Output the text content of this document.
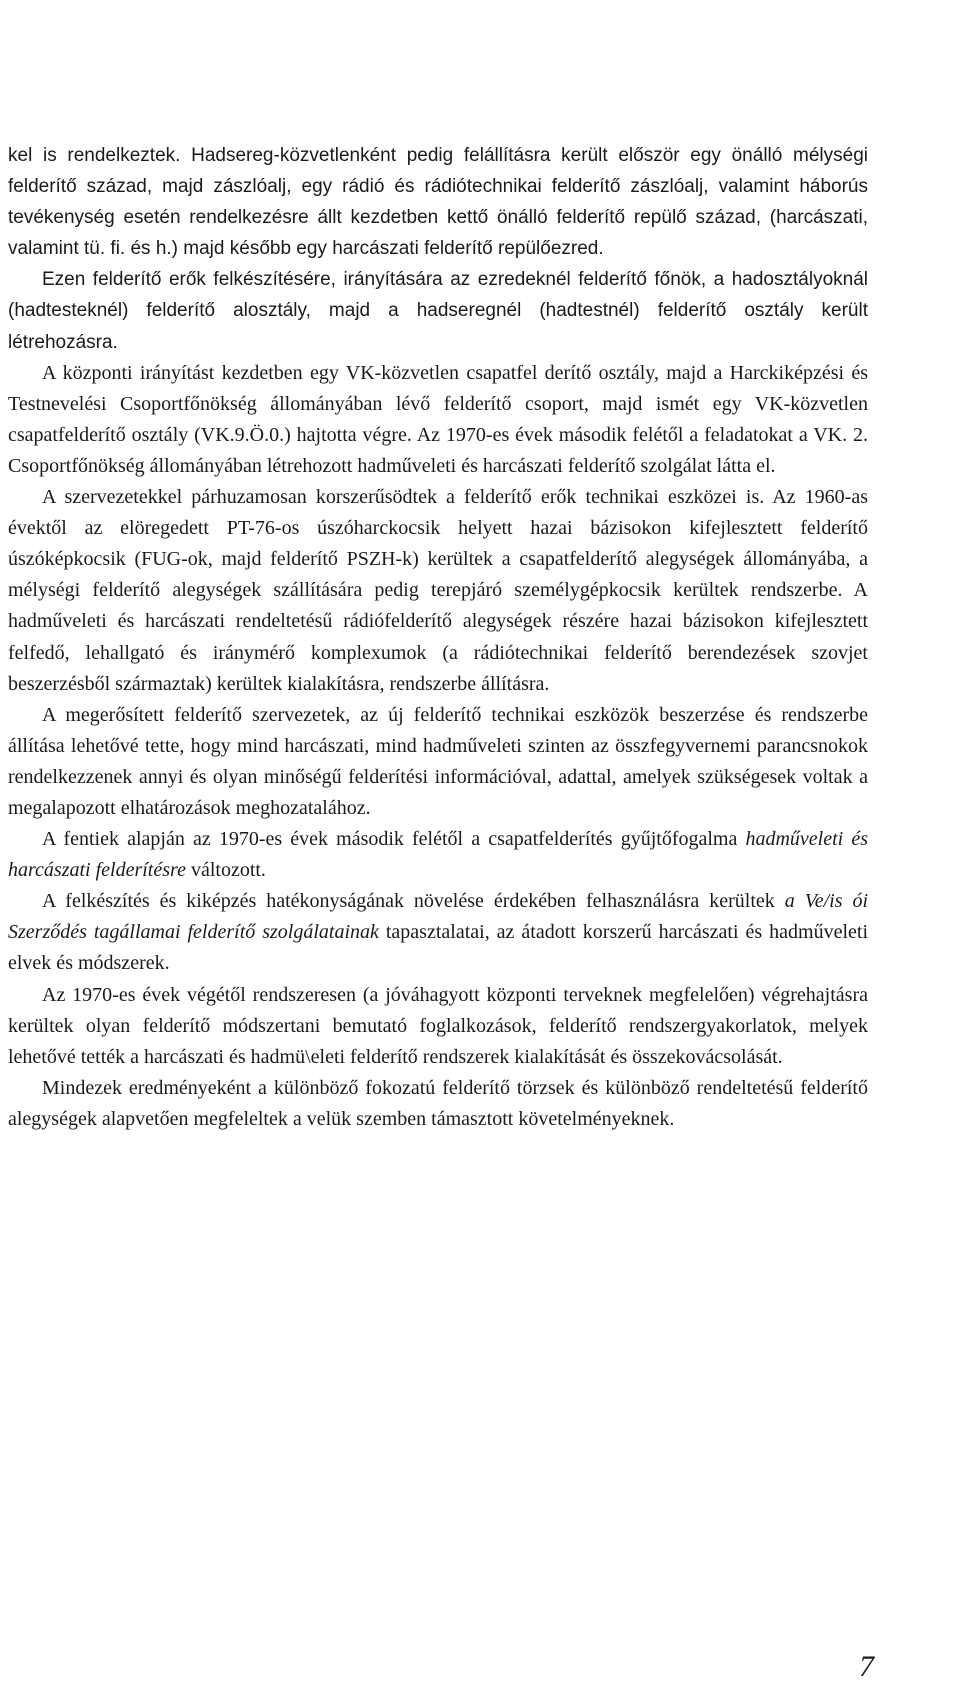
kel is rendelkeztek. Hadsereg-közvetlenként pedig felállításra került először egy önálló mélységi felderítő század, majd zászlóalj, egy rádió és rádiótechnikai felderítő zászlóalj, valamint háborús tevékenység esetén rendelkezésre állt kezdetben kettő önálló felderítő repülő század, (harcászati, valamint tü. fi. és h.) majd később egy harcászati felderítő repülőezred.

Ezen felderítő erők felkészítésére, irányítására az ezredeknél felderítő főnök, a hadosztályoknál (hadtesteknél) felderítő alosztály, majd a hadseregnél (hadtestnél) felderítő osztály került létrehozásra.

A központi irányítást kezdetben egy VK-közvetlen csapatfel derítő osztály, majd a Harckiképzési és Testnevelési Csoportfőnökség állományában lévő felderítő csoport, majd ismét egy VK-közvetlen csapatfelderítő osztály (VK.9.Ö.0.) hajtotta végre. Az 1970-es évek második felétől a feladatokat a VK. 2. Csoportfőnökség állományában létrehozott hadműveleti és harcászati felderítő szolgálat látta el.

A szervezetekkel párhuzamosan korszerűsödtek a felderítő erők technikai eszközei is. Az 1960-as évektől az elöregedett PT-76-os úszóharckocsik helyett hazai bázisokon kifejlesztett felderítő úszóképkocsik (FUG-ok, majd felderítő PSZH-k) kerültek a csapatfelderítő alegységek állományába, a mélységi felderítő alegységek szállítására pedig terepjáró személygépkocsik kerültek rendszerbe. A hadműveleti és harcászati rendeltetésű rádiófelderítő alegységek részére hazai bázisokon kifejlesztett felfedő, lehallgató és iránymérő komplexumok (a rádiótechnikai felderítő berendezések szovjet beszerzésből származtak) kerültek kialakításra, rendszerbe állításra.

A megerősített felderítő szervezetek, az új felderítő technikai eszközök beszerzése és rendszerbe állítása lehetővé tette, hogy mind harcászati, mind hadműveleti szinten az összfegyvernemi parancsnokok rendelkezzenek annyi és olyan minőségű felderítési információval, adattal, amelyek szükségesek voltak a megalapozott elhatározások meghozatalához.

A fentiek alapján az 1970-es évek második felétől a csapatfelderítés gyűjtőfogalma hadműveleti és harcászati felderítésre változott.

A felkészítés és kiképzés hatékonyságának növelése érdekében felhasználásra kerültek a Ve/is ói Szerződés tagállamai felderítő szolgálatainak tapasztalatai, az átadott korszerű harcászati és hadműveleti elvek és módszerek.

Az 1970-es évek végétől rendszeresen (a jóváhagyott központi terveknek megfelelően) végrehajtásra kerültek olyan felderítő módszertani bemutató foglalkozások, felderítő rendszergyakorlatok, melyek lehetővé tették a harcászati és hadmü\eleti felderítő rendszerek kialakítását és összekovácsolását.

Mindezek eredményeként a különböző fokozatú felderítő törzsek és különböző rendeltetésű felderítő alegységek alapvetően megfeleltek a velük szemben támasztott követelményeknek.

7
